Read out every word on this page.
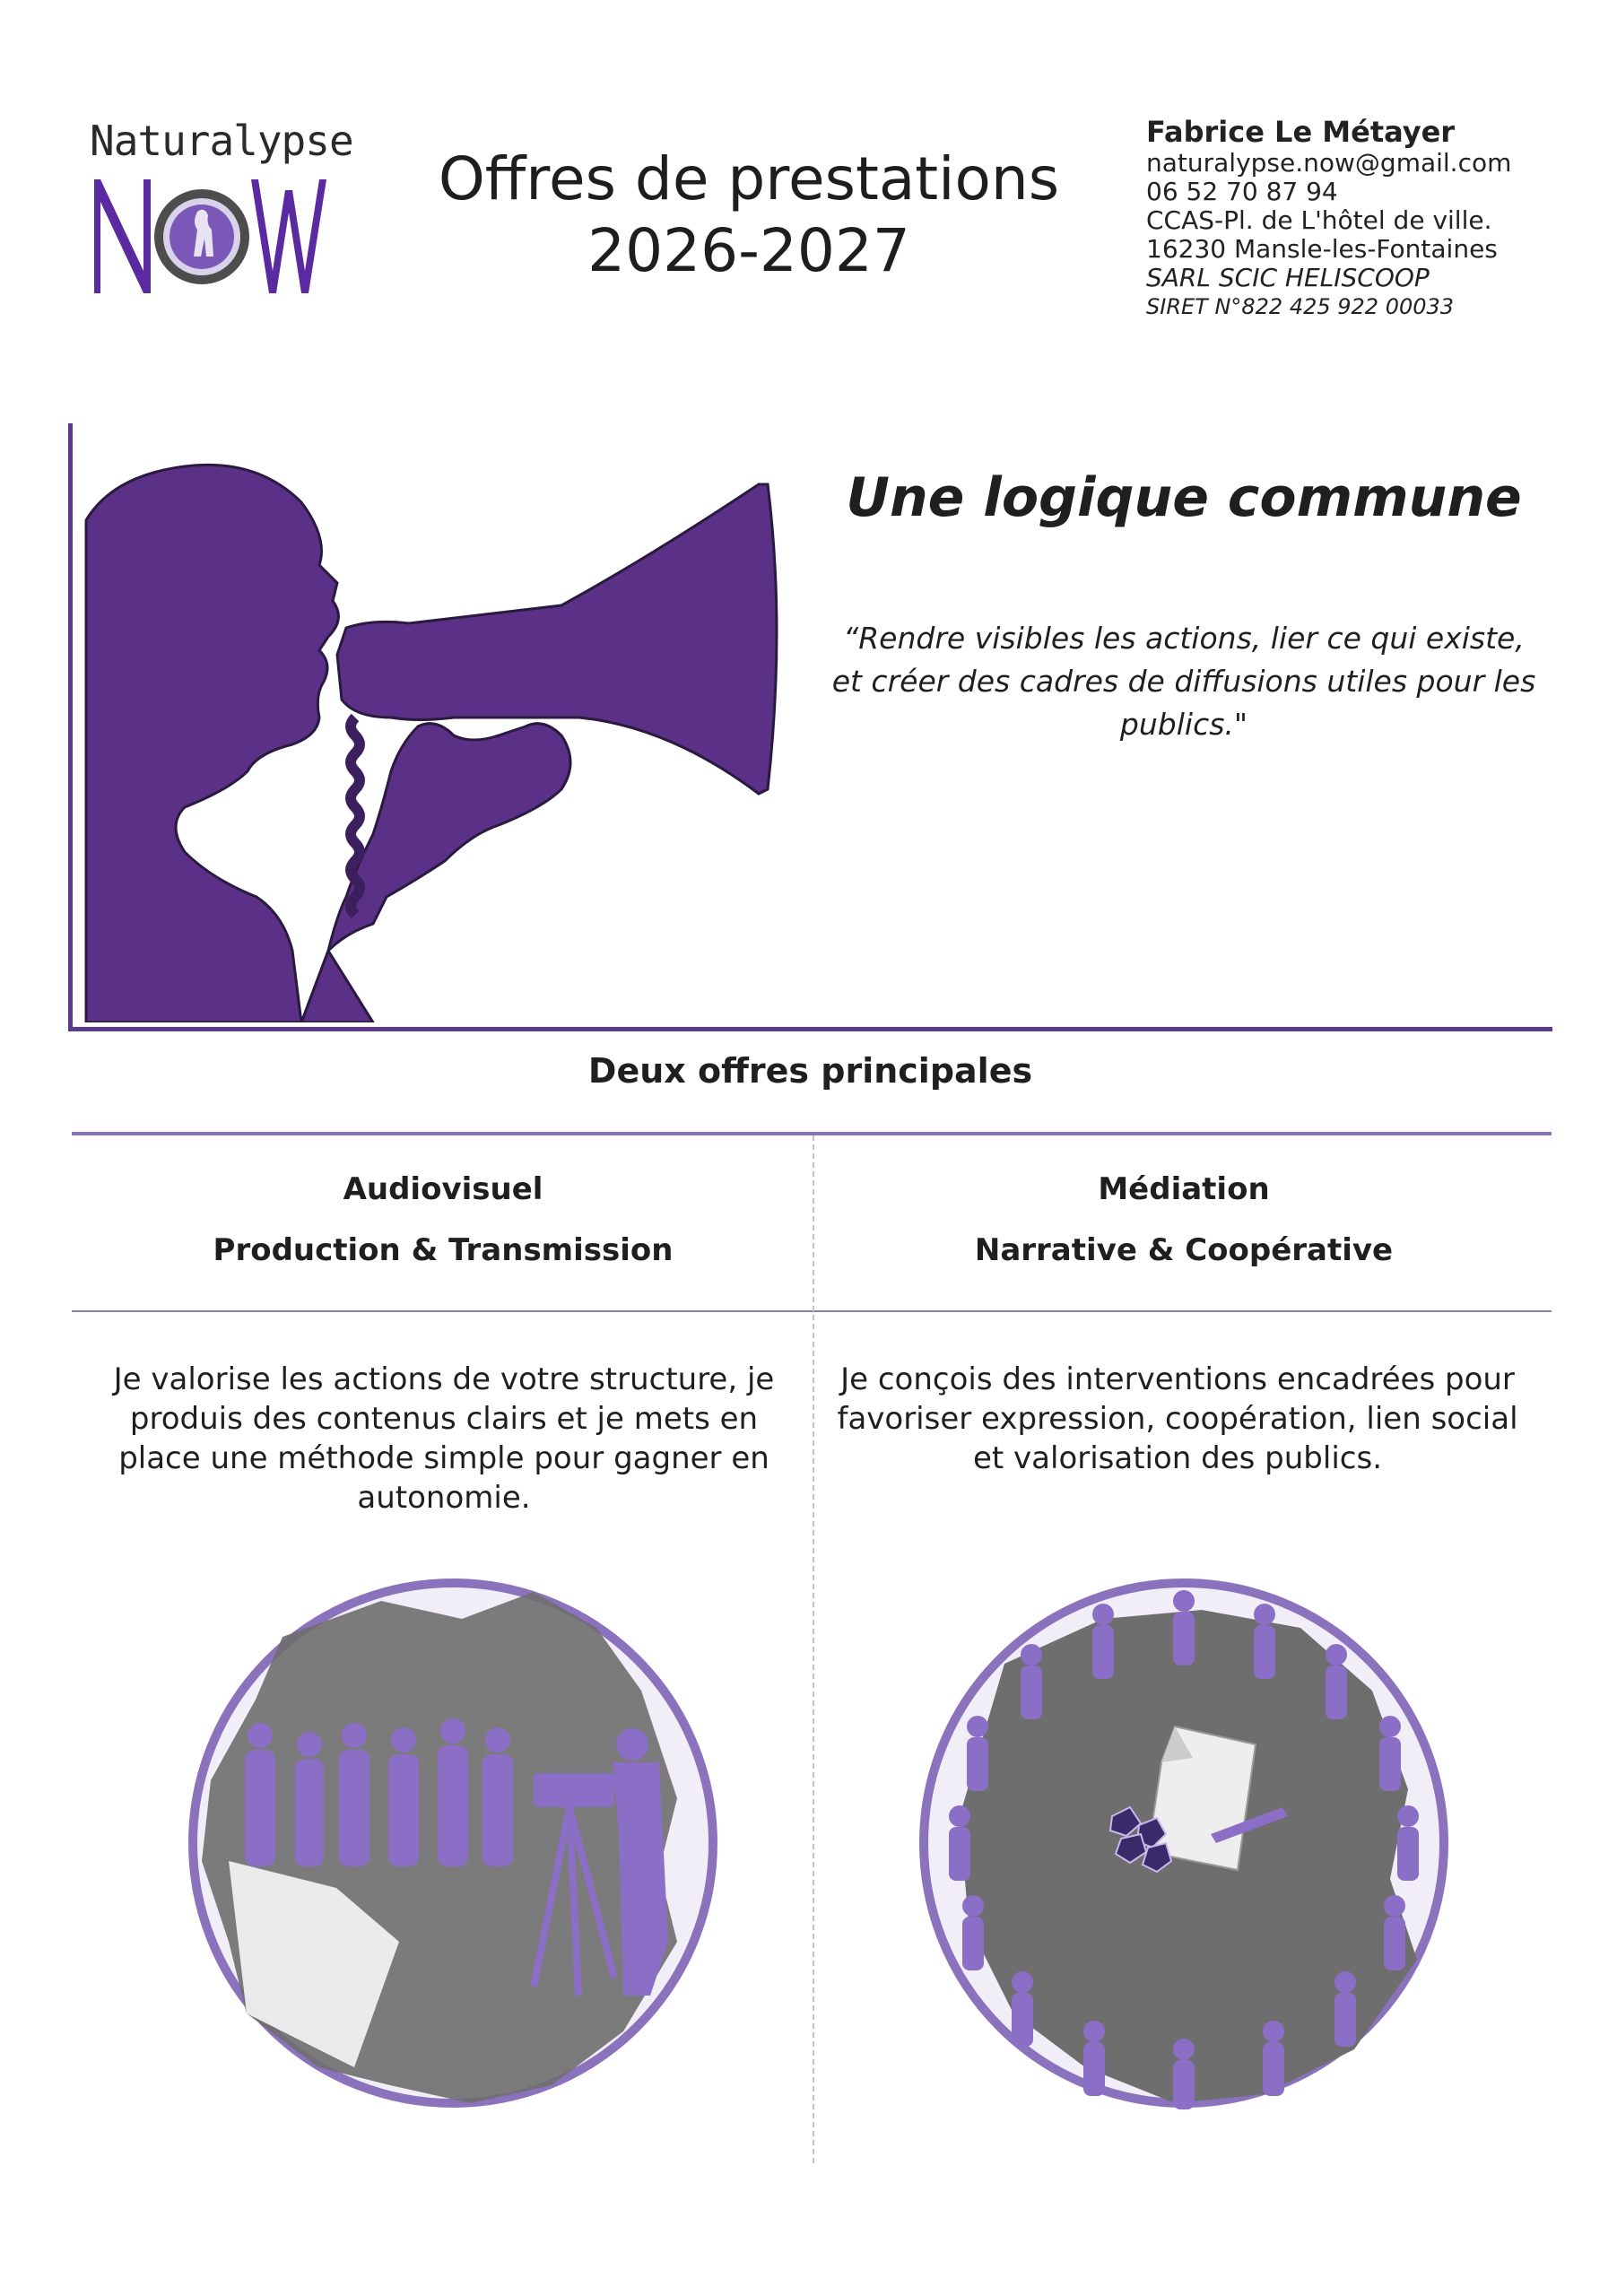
Naturalypse
Offres de prestations
2026-2027
Fabrice Le Métayer
naturalypse.now@gmail.com
06 52 70 87 94
CCAS-Pl. de L'hôtel de ville.
16230 Mansle-les-Fontaines
SARL SCIC HELISCOOP
SIRET N°822 425 922 00033
Une logique commune
“Rendre visibles les actions, lier ce qui existe, et créer des cadres de diffusions utiles pour les publics."
Deux offres principales
Audiovisuel
Production & Transmission
Je valorise les actions de votre structure, je produis des contenus clairs et je mets en place une méthode simple pour gagner en autonomie.
Médiation
Narrative & Coopérative
Je conçois des interventions encadrées pour favoriser expression, coopération, lien social et valorisation des publics.
